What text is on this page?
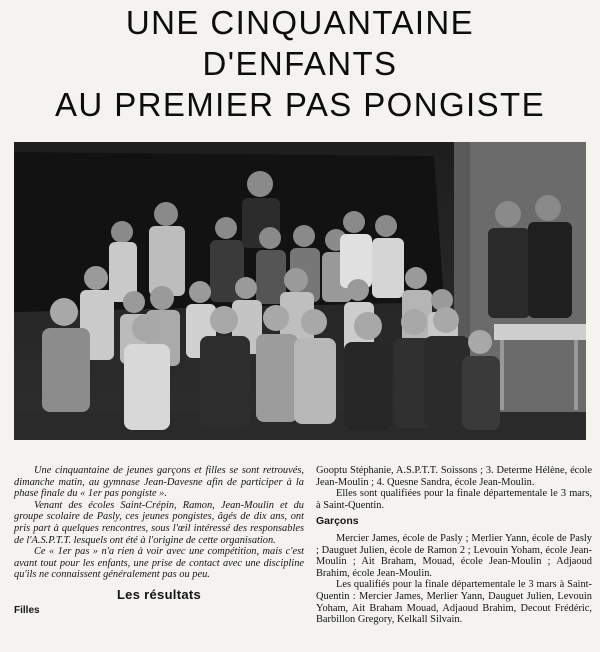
UNE CINQUANTAINE
D'ENFANTS
AU PREMIER PAS PONGISTE

Une cinquantaine de jeunes garçons et filles se sont retrouvés, dimanche matin, au gymnase Jean-Davesne afin de participer à la phase finale du « 1er pas pongiste ».

Venant des écoles Saint-Crépin, Ramon, Jean-Moulin et du groupe scolaire de Pasly, ces jeunes pongistes, âgés de dix ans, ont pris part à quelques rencontres, sous l'œil intéressé des responsables de l'A.S.P.T.T. lesquels ont été à l'origine de cette organisation.

Ce « 1er pas » n'a rien à voir avec une compétition, mais c'est avant tout pour les enfants, une prise de contact avec une discipline qu'ils ne connaissent généralement pas ou peu.

Les résultats
Filles

Gooptu Stéphanie, A.S.P.T.T. Soissons ; 3. Determe Hélène, école Jean-Moulin ; 4. Quesne Sandra, école Jean-Moulin.

Elles sont qualifiées pour la finale départementale le 3 mars, à Saint-Quentin.

Garçons

Mercier James, école de Pasly ; Merlier Yann, école de Pasly ; Dauguet Julien, école de Ramon 2 ; Levouin Yoham, école Jean-Moulin ; Ait Braham, Mouad, école Jean-Moulin ; Adjaoud Brahim, école Jean-Moulin.

Les qualifiés pour la finale départementale le 3 mars à Saint-Quentin : Mercier James, Merlier Yann, Dauguet Julien, Levouin Yoham, Ait Braham Mouad, Adjaoud Brahim, Decout Frédéric, Barbillon Gregory, Kelkall Silvain.
